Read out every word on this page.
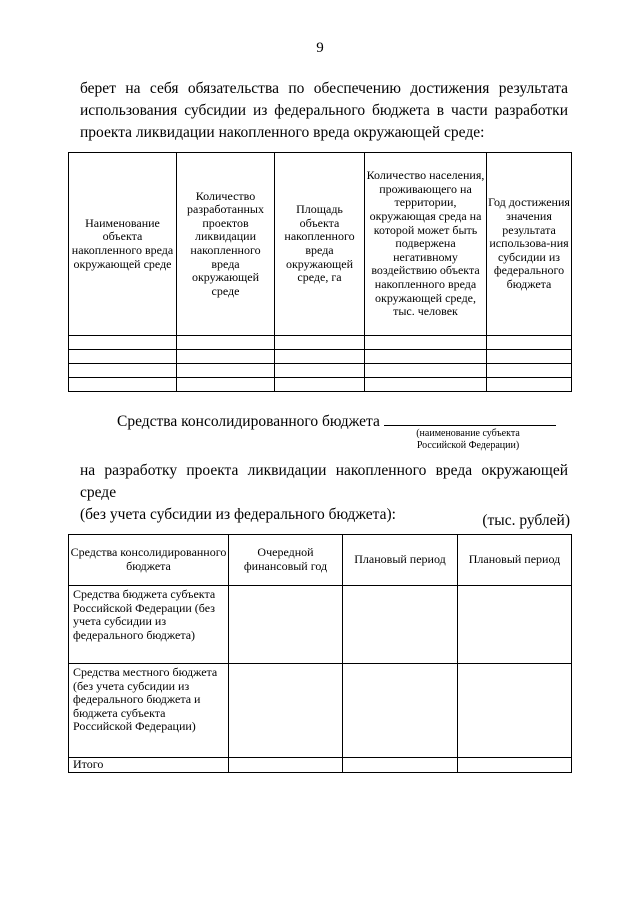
9
берет на себя обязательства по обеспечению достижения результата
использования субсидии из федерального бюджета в части разработки
проекта ликвидации накопленного вреда окружающей среде:
Наименование объекта накопленного вреда окружающей среде	Количество разработанных проектов ликвидации накопленного вреда окружающей среде	Площадь объекта накопленного вреда окружающей среде, га	Количество населения, проживающего на территории, окружающая среда на которой может быть подвержена негативному воздействию объекта накопленного вреда окружающей среде, тыс. человек	Год достижения значения результата использова-ния субсидии из федерального бюджета

Средства консолидированного бюджета
(наименование субъекта
Российской Федерации)
на разработку проекта ликвидации накопленного вреда окружающей среде
(без учета субсидии из федерального бюджета):	(тыс. рублей)
Средства консолидированного бюджета	Очередной финансовый год	Плановый период	Плановый период
Средства бюджета субъекта Российской Федерации (без учета субсидии из федерального бюджета)			
Средства местного бюджета (без учета субсидии из федерального бюджета и бюджета субъекта Российской Федерации)			
Итого			
